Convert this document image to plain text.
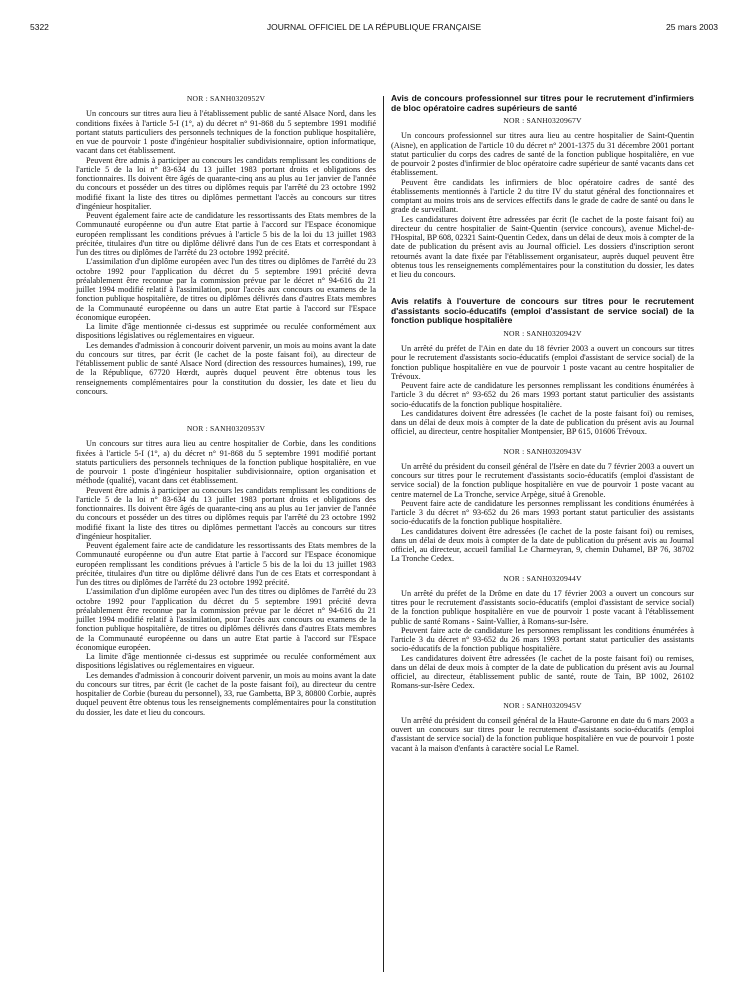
5322	JOURNAL OFFICIEL DE LA RÉPUBLIQUE FRANÇAISE	25 mars 2003
NOR : SANH0320952V

Un concours sur titres aura lieu à l'établissement public de santé Alsace Nord, dans les conditions fixées à l'article 5-I (1°, a) du décret n° 91-868 du 5 septembre 1991 modifié portant statuts particuliers des personnels techniques de la fonction publique hospitalière, en vue de pourvoir 1 poste d'ingénieur hospitalier subdivisionnaire, option informatique, vacant dans cet établissement.

Peuvent être admis à participer au concours les candidats remplissant les conditions de l'article 5 de la loi n° 83-634 du 13 juillet 1983 portant droits et obligations des fonctionnaires. Ils doivent être âgés de quarante-cinq ans au plus au 1er janvier de l'année du concours et posséder un des titres ou diplômes requis par l'arrêté du 23 octobre 1992 modifié fixant la liste des titres ou diplômes permettant l'accès au concours sur titres d'ingénieur hospitalier.

Peuvent également faire acte de candidature les ressortissants des Etats membres de la Communauté européenne ou d'un autre Etat partie à l'accord sur l'Espace économique européen remplissant les conditions prévues à l'article 5 bis de la loi du 13 juillet 1983 précitée, titulaires d'un titre ou diplôme délivré dans l'un de ces Etats et correspondant à l'un des titres ou diplômes de l'arrêté du 23 octobre 1992 précité.

L'assimilation d'un diplôme européen avec l'un des titres ou diplômes de l'arrêté du 23 octobre 1992 pour l'application du décret du 5 septembre 1991 précité devra préalablement être reconnue par la commission prévue par le décret n° 94-616 du 21 juillet 1994 modifié relatif à l'assimilation, pour l'accès aux concours ou examens de la fonction publique hospitalière, de titres ou diplômes délivrés dans d'autres Etats membres de la Communauté européenne ou dans un autre Etat partie à l'accord sur l'Espace économique européen.

La limite d'âge mentionnée ci-dessus est supprimée ou reculée conformément aux dispositions législatives ou réglementaires en vigueur.

Les demandes d'admission à concourir doivent parvenir, un mois au moins avant la date du concours sur titres, par écrit (le cachet de la poste faisant foi), au directeur de l'établissement public de santé Alsace Nord (direction des ressources humaines), 199, rue de la République, 67720 Hœrdt, auprès duquel peuvent être obtenus tous les renseignements complémentaires pour la constitution du dossier, les date et lieu du concours.

NOR : SANH0320953V

Un concours sur titres aura lieu au centre hospitalier de Corbie, dans les conditions fixées à l'article 5-I (1°, a) du décret n° 91-868 du 5 septembre 1991 modifié portant statuts particuliers des personnels techniques de la fonction publique hospitalière, en vue de pourvoir 1 poste d'ingénieur hospitalier subdivisionnaire, option organisation et méthode (qualité), vacant dans cet établissement.

Peuvent être admis à participer au concours les candidats remplissant les conditions de l'article 5 de la loi n° 83-634 du 13 juillet 1983 portant droits et obligations des fonctionnaires. Ils doivent être âgés de quarante-cinq ans au plus au 1er janvier de l'année du concours et posséder un des titres ou diplômes requis par l'arrêté du 23 octobre 1992 modifié fixant la liste des titres ou diplômes permettant l'accès au concours sur titres d'ingénieur hospitalier.

Peuvent également faire acte de candidature les ressortissants des Etats membres de la Communauté européenne ou d'un autre Etat partie à l'accord sur l'Espace économique européen remplissant les conditions prévues à l'article 5 bis de la loi du 13 juillet 1983 précitée, titulaires d'un titre ou diplôme délivré dans l'un de ces Etats et correspondant à l'un des titres ou diplômes de l'arrêté du 23 octobre 1992 précité.

L'assimilation d'un diplôme européen avec l'un des titres ou diplômes de l'arrêté du 23 octobre 1992 pour l'application du décret du 5 septembre 1991 précité devra préalablement être reconnue par la commission prévue par le décret n° 94-616 du 21 juillet 1994 modifié relatif à l'assimilation, pour l'accès aux concours ou examens de la fonction publique hospitalière, de titres ou diplômes délivrés dans d'autres Etats membres de la Communauté européenne ou dans un autre Etat partie à l'accord sur l'Espace économique européen.

La limite d'âge mentionnée ci-dessus est supprimée ou reculée conformément aux dispositions législatives ou réglementaires en vigueur.

Les demandes d'admission à concourir doivent parvenir, un mois au moins avant la date du concours sur titres, par écrit (le cachet de la poste faisant foi), au directeur du centre hospitalier de Corbie (bureau du personnel), 33, rue Gambetta, BP 3, 80800 Corbie, auprès duquel peuvent être obtenus tous les renseignements complémentaires pour la constitution du dossier, les date et lieu du concours.

Avis de concours professionnel sur titres pour le recrutement d'infirmiers de bloc opératoire cadres supérieurs de santé
NOR : SANH0320967V

Un concours professionnel sur titres aura lieu au centre hospitalier de Saint-Quentin (Aisne), en application de l'article 10 du décret n° 2001-1375 du 31 décembre 2001 portant statut particulier du corps des cadres de santé de la fonction publique hospitalière, en vue de pourvoir 2 postes d'infirmier de bloc opératoire cadre supérieur de santé vacants dans cet établissement.

Peuvent être candidats les infirmiers de bloc opératoire cadres de santé des établissements mentionnés à l'article 2 du titre IV du statut général des fonctionnaires et comptant au moins trois ans de services effectifs dans le grade de cadre de santé ou dans le grade de surveillant.

Les candidatures doivent être adressées par écrit (le cachet de la poste faisant foi) au directeur du centre hospitalier de Saint-Quentin (service concours), avenue Michel-de-l'Hospital, BP 608, 02321 Saint-Quentin Cedex, dans un délai de deux mois à compter de la date de publication du présent avis au Journal officiel. Les dossiers d'inscription seront retournés avant la date fixée par l'établissement organisateur, auprès duquel peuvent être obtenus tous les renseignements complémentaires pour la constitution du dossier, les dates et lieu du concours.

Avis relatifs à l'ouverture de concours sur titres pour le recrutement d'assistants socio-éducatifs (emploi d'assistant de service social) de la fonction publique hospitalière
NOR : SANH0320942V

Un arrêté du préfet de l'Ain en date du 18 février 2003 a ouvert un concours sur titres pour le recrutement d'assistants socio-éducatifs (emploi d'assistant de service social) de la fonction publique hospitalière en vue de pourvoir 1 poste vacant au centre hospitalier de Trévoux.

Peuvent faire acte de candidature les personnes remplissant les conditions énumérées à l'article 3 du décret n° 93-652 du 26 mars 1993 portant statut particulier des assistants socio-éducatifs de la fonction publique hospitalière.

Les candidatures doivent être adressées (le cachet de la poste faisant foi) ou remises, dans un délai de deux mois à compter de la date de publication du présent avis au Journal officiel, au directeur, centre hospitalier Montpensier, BP 615, 01606 Trévoux.

NOR : SANH0320943V

Un arrêté du président du conseil général de l'Isère en date du 7 février 2003 a ouvert un concours sur titres pour le recrutement d'assistants socio-éducatifs (emploi d'assistant de service social) de la fonction publique hospitalière en vue de pourvoir 1 poste vacant au centre maternel de La Tronche, service Arpège, situé à Grenoble.

Peuvent faire acte de candidature les personnes remplissant les conditions énumérées à l'article 3 du décret n° 93-652 du 26 mars 1993 portant statut particulier des assistants socio-éducatifs de la fonction publique hospitalière.

Les candidatures doivent être adressées (le cachet de la poste faisant foi) ou remises, dans un délai de deux mois à compter de la date de publication du présent avis au Journal officiel, au directeur, accueil familial Le Charmeyran, 9, chemin Duhamel, BP 76, 38702 La Tronche Cedex.

NOR : SANH0320944V

Un arrêté du préfet de la Drôme en date du 17 février 2003 a ouvert un concours sur titres pour le recrutement d'assistants socio-éducatifs (emploi d'assistant de service social) de la fonction publique hospitalière en vue de pourvoir 1 poste vacant à l'établissement public de santé Romans - Saint-Vallier, à Romans-sur-Isère.

Peuvent faire acte de candidature les personnes remplissant les conditions énumérées à l'article 3 du décret n° 93-652 du 26 mars 1993 portant statut particulier des assistants socio-éducatifs de la fonction publique hospitalière.

Les candidatures doivent être adressées (le cachet de la poste faisant foi) ou remises, dans un délai de deux mois à compter de la date de publication du présent avis au Journal officiel, au directeur, établissement public de santé, route de Tain, BP 1002, 26102 Romans-sur-Isère Cedex.

NOR : SANH0320945V

Un arrêté du président du conseil général de la Haute-Garonne en date du 6 mars 2003 a ouvert un concours sur titres pour le recrutement d'assistants socio-éducatifs (emploi d'assistant de service social) de la fonction publique hospitalière en vue de pourvoir 1 poste vacant à la maison d'enfants à caractère social Le Ramel.
